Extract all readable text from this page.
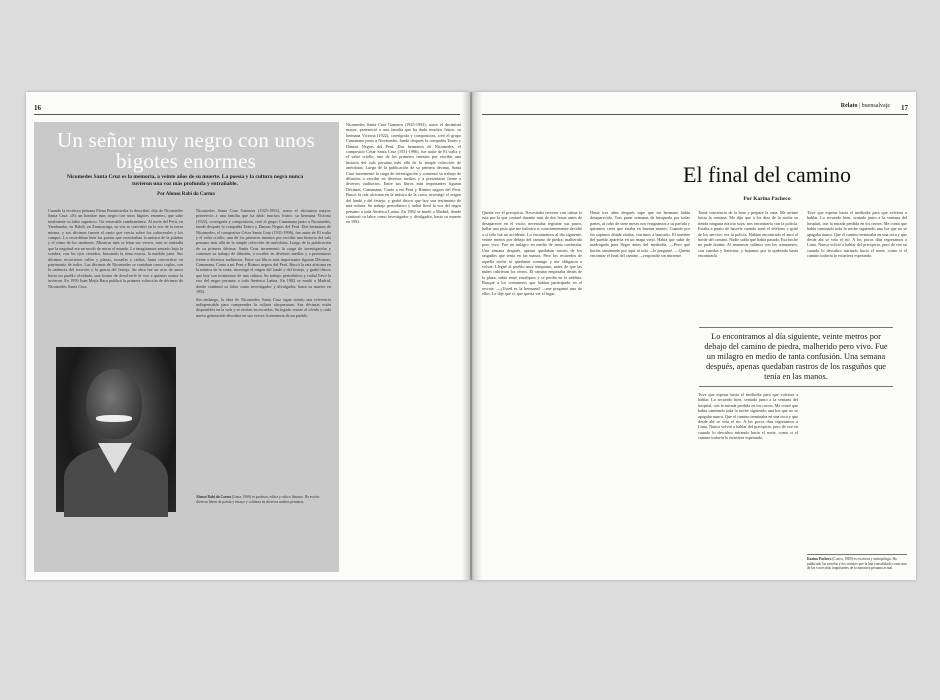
16
Un señor muy negro con unos bigotes enormes
Nicomedes Santa Cruz es la memoria, a veinte años de su muerte. La poesía y la cultura negra nunca tuvieron una voz más profunda y entrañable.
Por Alonso Rabí do Carmo

Cuando la escritora peruana Elena Poniatowska lo describió, dijo de Nicomedes Santa Cruz: «Es un hombre muy negro con unos bigotes enormes, que sabe totalmente su labio superior». Un venerable cumbiambero. Al norte del Perú, en Yambambo, en Rahdi, en Zanaracirga, su voz se convirtió en la voz de la tierra misma, y sus décimas fueron el canto que crecía sobre los cañaverales y los campos. Lo recordaban bien los poetas que escuchaban la música de la palabra y el ritmo de los tambores. Mientras más se leían sus versos, más se entendía que la negritud era un modo de mirar el mundo. Lo imaginamos sentado bajo la sombra, con los ojos cerrados, buscando la rima exacta, la medida justa. Sus décimas recorrieron calles y plazas, escuelas y radios, hasta convertirse en patrimonio de todos. Las décimas de Nicomedes se cantaban como coplas, con la cadencia del socavón y la gracia del festejo. Su obra fue un acto de amor hacia un pueblo olvidado, una forma de devolverle la voz a quienes nunca la tuvieron. En 1959 Juan Mejía Baca publicó la primera colección de décimas de Nicomedes Santa Cruz.

Nicomedes Santa Cruz Gamarra (1925-1992), acaso el decimista mayor, perteneció a una familia que ha dado muchos frutos: su hermana Victoria (1922), coreógrafa y compositora, creó el grupo Cumanana junto a Nicomedes, fundó después la compañía Teatro y Danzas Negras del Perú. Dos hermanos de Nicomedes, el compositor César Santa Cruz (1931-1996), fue autor de El waltz y el valse criollo; uno de los primeros intentos por escribir una historia del vals peruano más allá de la simple colección de anécdotas. Luego de la publicación de su primera décima, Santa Cruz incrementó la carga de investigación y comenzó su trabajo de difusión, a escribir en diversos medios y a presentarse frente a diversos auditorios. Entre sus libros más importantes figuran Décimas, Cumanana, Canto a mi Perú y Ritmos negros del Perú. Buscó la raíz africana en la música de la costa, investigó el origen del landó y del festejo, y grabó discos que hoy son testimonio de una cultura. Su trabajo periodístico y radial llevó la voz del negro peruano a toda América Latina. En 1982 se mudó a Madrid, donde continuó su labor como investigador y divulgador, hasta su muerte en 1992.

Sin embargo, la obra de Nicomedes Santa Cruz sigue siendo una referencia indispensable para comprender la cultura afroperuana. Sus décimas están disponibles en la web y se recitan en escuelas. Su legado resiste el olvido y cada nueva generación descubre en sus versos la memoria de un pueblo.

Alonso Rabí do Carmo (Lima, 1966) es profesor, editor y crítico literario. Ha escrito diversos libros de poesía y ensayo y colabora en diversos medios peruanos.

Nicomedes Santa Cruz Gamarra (1925-1992), acaso el decimista mayor, perteneció a una familia que ha dado muchos frutos: su hermana Victoria (1922), coreógrafa y compositora, creó el grupo Cumanana junto a Nicomedes, fundó después la compañía Teatro y Danzas Negras del Perú. Dos hermanos de Nicomedes, el compositor César Santa Cruz (1931-1996), fue autor de El waltz y el valse criollo; uno de los primeros intentos por escribir una historia del vals peruano más allá de la simple colección de anécdotas. Luego de la publicación de su primera décima, Santa Cruz incrementó la carga de investigación y comenzó su trabajo de difusión, a escribir en diversos medios y a presentarse frente a diversos auditorios. Entre sus libros más importantes figuran Décimas, Cumanana, Canto a mi Perú y Ritmos negros del Perú. Buscó la raíz africana en la música de la costa, investigó el origen del landó y del festejo, y grabó discos que hoy son testimonio de una cultura. Su trabajo periodístico y radial llevó la voz del negro peruano a toda América Latina. En 1982 se mudó a Madrid, donde continuó su labor como investigador y divulgador, hasta su muerte en 1992.

Relato | buensalvaje 17
El final del camino
Por Karina Pacheco

Quería ver el precipicio. Necesitaba recorrer con calma la ruta por la que contaré durante más de dos horas antes de desaparecer en el vacío; necesitaba registrar sus pasos, hallar una pista que me indicara si conscientemente decidió o si sólo fue un accidente. Lo encontramos al día siguiente, veinte metros por debajo del camino de piedra, malherido pero vivo. Fue un milagro en medio de tanta confusión. Una semana después, apenas quedaban rastros de los rasguños que tenía en las manos. Pero los recuerdos de aquella noche se quedaron conmigo y me obligaron a volver. Llegué al pueblo muy temprano, antes de que las nubes cubrieran los cerros. El camino empezaba detrás de la plaza, subía entre eucaliptos y se perdía en la neblina. Busqué a los comuneros que habían participado en el rescate. —¿Usted es la hermana? —me preguntó uno de ellos. Le dije que sí, que quería ver el lugar.

Hasta tres años después supe que mi hermano había desaparecido. Tras pasar semanas de búsqueda por todas partes, al cabo de siete meses nos resignamos a su partida y quisimos creer que estaba en buenas manos. Cuando por fin supimos dónde estaba, corrimos a buscarlo. El nombre del pueblo aparecía en un mapa viejo. Había que subir de madrugada para llegar antes del mediodía. —Pero qué hacías caminando por aquí tú sola —le pregunté. —Quería encontrar el final del camino —respondió sin mirarme.

Tomé conciencia de la hora y preparé la cena. Me arrimé hacia la ventana. Me dijo que a los diez de la noche su tienda ninguna noticia suya, nos encontraría con la policía. Estaba a punto de hacerle cuando sonó el teléfono y grité de los nervios: era la policía. Habían encontrado el auto al borde del camino. Nadie sabía qué había pasado. Esa noche no pude dormir. Al amanecer salimos con los comuneros, con cuerdas y linternas, y bajamos por la quebrada hasta encontrarlo.

Tuve que esperar hasta el mediodía para que volviera a hablar. Lo recuerdo bien, sentado junto a la ventana del hospital, con la mirada perdida en los cerros. Me contó que había caminado toda la noche siguiendo una luz que no se apagaba nunca. Que el camino terminaba en una roca y que desde ahí se veía el río. A los pocos días regresamos a Lima. Nunca volvió a hablar del precipicio, pero de vez en cuando lo descubro mirando hacia el norte, como si el camino todavía lo estuviera esperando.

Tuve que esperar hasta el mediodía para que volviera a hablar. Lo recuerdo bien, sentado junto a la ventana del hospital, con la mirada perdida en los cerros. Me contó que había caminado toda la noche siguiendo una luz que no se apagaba nunca. Que el camino terminaba en una roca y que desde ahí se veía el río. A los pocos días regresamos a Lima. Nunca volvió a hablar del precipicio, pero de vez en cuando lo descubro mirando hacia el norte, como si el camino todavía lo estuviera esperando.

Lo encontramos al día siguiente, veinte metros por debajo del camino de piedra, malherido pero vivo. Fue un milagro en medio de tanta confusión. Una semana después, apenas quedaban rastros de los rasguños que tenía en las manos.
Karina Pacheco (Cusco, 1969) es escritora y antropóloga. Ha publicado las novelas y los cuentos que la han consolidado como una de las voces más importantes de la narrativa peruana actual.
